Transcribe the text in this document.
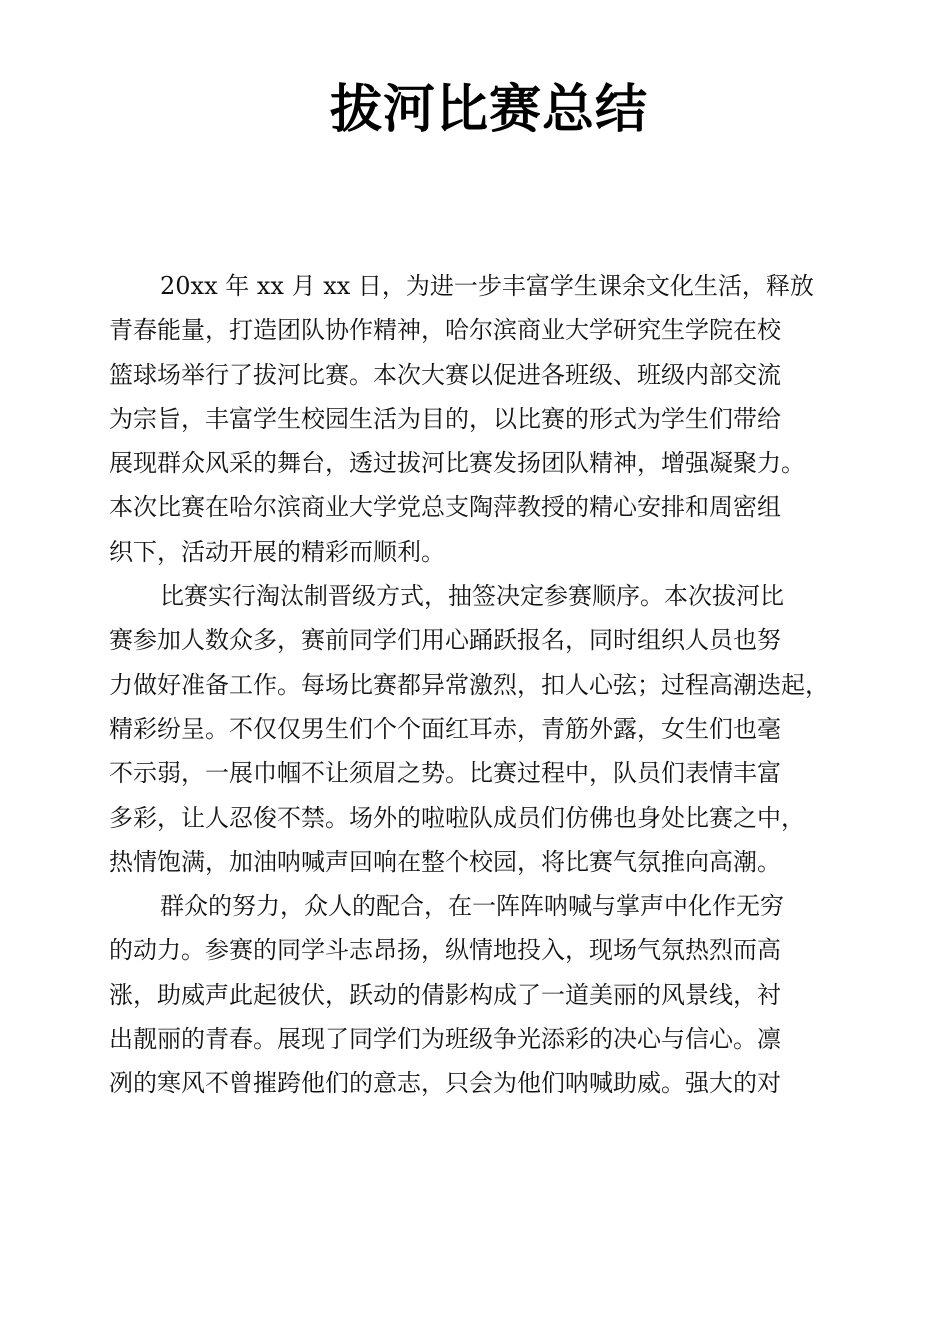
拔河比赛总结
20xx 年 xx 月 xx 日，为进一步丰富学生课余文化生活，释放
青春能量，打造团队协作精神，哈尔滨商业大学研究生学院在校
篮球场举行了拔河比赛。本次大赛以促进各班级、班级内部交流
为宗旨，丰富学生校园生活为目的，以比赛的形式为学生们带给
展现群众风采的舞台，透过拔河比赛发扬团队精神，增强凝聚力。
本次比赛在哈尔滨商业大学党总支陶萍教授的精心安排和周密组
织下，活动开展的精彩而顺利。
比赛实行淘汰制晋级方式，抽签决定参赛顺序。本次拔河比
赛参加人数众多，赛前同学们用心踊跃报名，同时组织人员也努
力做好准备工作。每场比赛都异常激烈，扣人心弦；过程高潮迭起，
精彩纷呈。不仅仅男生们个个面红耳赤，青筋外露，女生们也毫
不示弱，一展巾帼不让须眉之势。比赛过程中，队员们表情丰富
多彩，让人忍俊不禁。场外的啦啦队成员们仿佛也身处比赛之中，
热情饱满，加油呐喊声回响在整个校园，将比赛气氛推向高潮。
群众的努力，众人的配合，在一阵阵呐喊与掌声中化作无穷
的动力。参赛的同学斗志昂扬，纵情地投入，现场气氛热烈而高
涨，助威声此起彼伏，跃动的倩影构成了一道美丽的风景线，衬
出靓丽的青春。展现了同学们为班级争光添彩的决心与信心。凛
冽的寒风不曾摧跨他们的意志，只会为他们呐喊助威。强大的对
